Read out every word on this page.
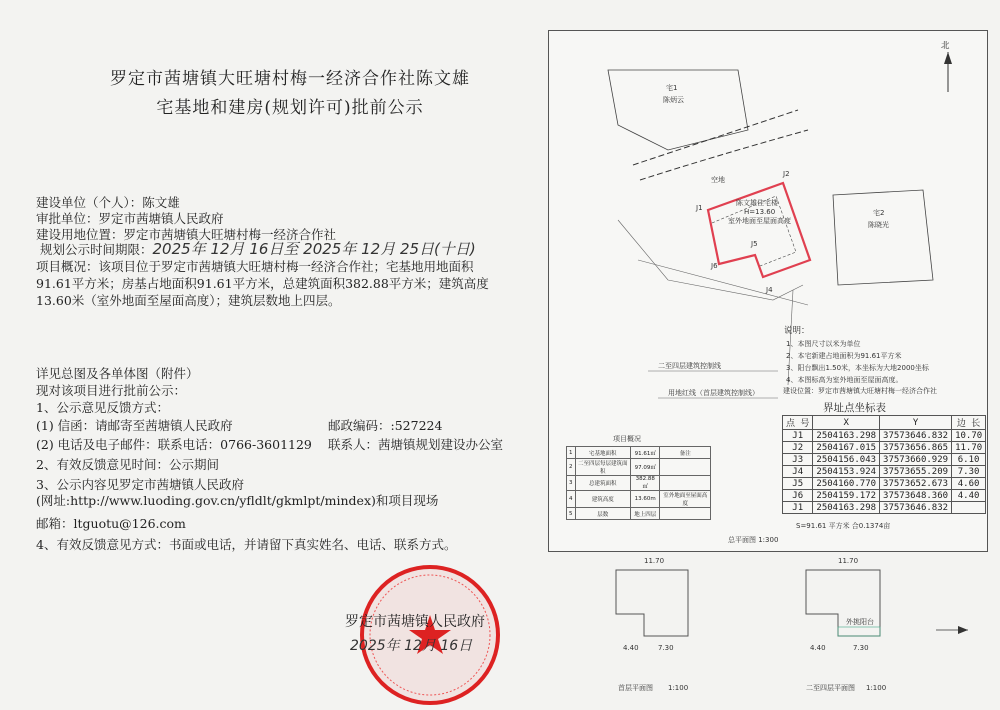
罗定市茜塘镇大旺塘村梅一经济合作社陈文雄
宅基地和建房(规划许可)批前公示
建设单位（个人）：陈文雄
审批单位：罗定市茜塘镇人民政府
建设用地位置：罗定市茜塘镇大旺塘村梅一经济合作社
规划公示时间期限：2025年 12月 16日至 2025年 12月 25日(十日)
项目概况：该项目位于罗定市茜塘镇大旺塘村梅一经济合作社；宅基地用地面积
91.61平方米；房基占地面积91.61平方米，总建筑面积382.88平方米；建筑高度
13.60米（室外地面至屋面高度）；建筑层数地上四层。
详见总图及各单体图（附件）
现对该项目进行批前公示：
1、公示意见反馈方式：
(1) 信函：请邮寄至茜塘镇人民政府	邮政编码：:527224
(2) 电话及电子邮件：联系电话：0766-3601129 联系人：茜塘镇规划建设办公室
2、有效反馈意见时间：公示期间
3、公示内容见罗定市茜塘镇人民政府
(网址:http://www.luoding.gov.cn/yfldlt/gkmlpt/mindex)和项目现场
邮箱：ltguotu@126.com
4、有效反馈意见方式：书面或电话，并请留下真实姓名、电话、联系方式。
罗定市茜塘镇人民政府
2025年 12月 16日
北
宅1
陈炳云
空地
宅2
陈晓光
陈文雄住宅楼
H=13.60
室外地面至屋面高度
J1
J2
J6
J5
J4
说明：
1、本图尺寸以米为单位
2、本宅新建占地面积为91.61平方米
3、阳台飘出1.50米，本坐标为大地2000坐标
4、本图标高为室外地面至屋面高度。
建设位置：罗定市茜塘镇大旺塘村梅一经济合作社
二至四层建筑控制线
用地红线（首层建筑控制线）
界址点坐标表
S=91.61 平方米 合0.1374亩
项目概况
总平面图 1:300
11.70
4.40	7.30
首层平面图 1:100
11.70
4.40	7.30
外挑阳台
二至四层平面图 1:100
点 号	X	Y	边 长
J1	2504163.298	37573646.832	10.70
J2	2504167.015	37573656.865	11.70
J3	2504156.043	37573660.929	6.10
J4	2504153.924	37573655.209	7.30
J5	2504160.770	37573652.673	4.60
J6	2504159.172	37573648.360	4.40
J1	2504163.298	37573646.832	
1	宅基地面积	91.61㎡	备注
2	二至四层每层建筑面积	97.09㎡	
3	总建筑面积	382.88㎡	
4	建筑高度	13.60m	室外地面至屋面高度
5	层数	地上四层	
